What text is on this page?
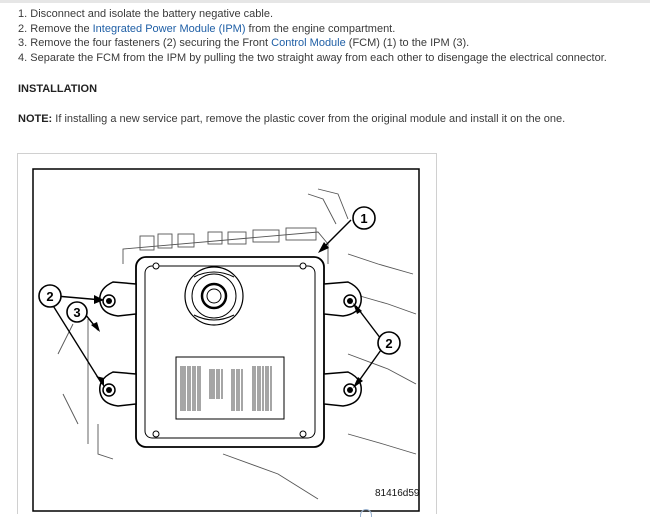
1. Disconnect and isolate the battery negative cable.
2. Remove the Integrated Power Module (IPM) from the engine compartment.
3. Remove the four fasteners (2) securing the Front Control Module (FCM) (1) to the IPM (3).
4. Separate the FCM from the IPM by pulling the two straight away from each other to disengage the electrical connector.
INSTALLATION
NOTE: If installing a new service part, remove the plastic cover from the original module and install it on the one.
1
2
3
2
81416d59
